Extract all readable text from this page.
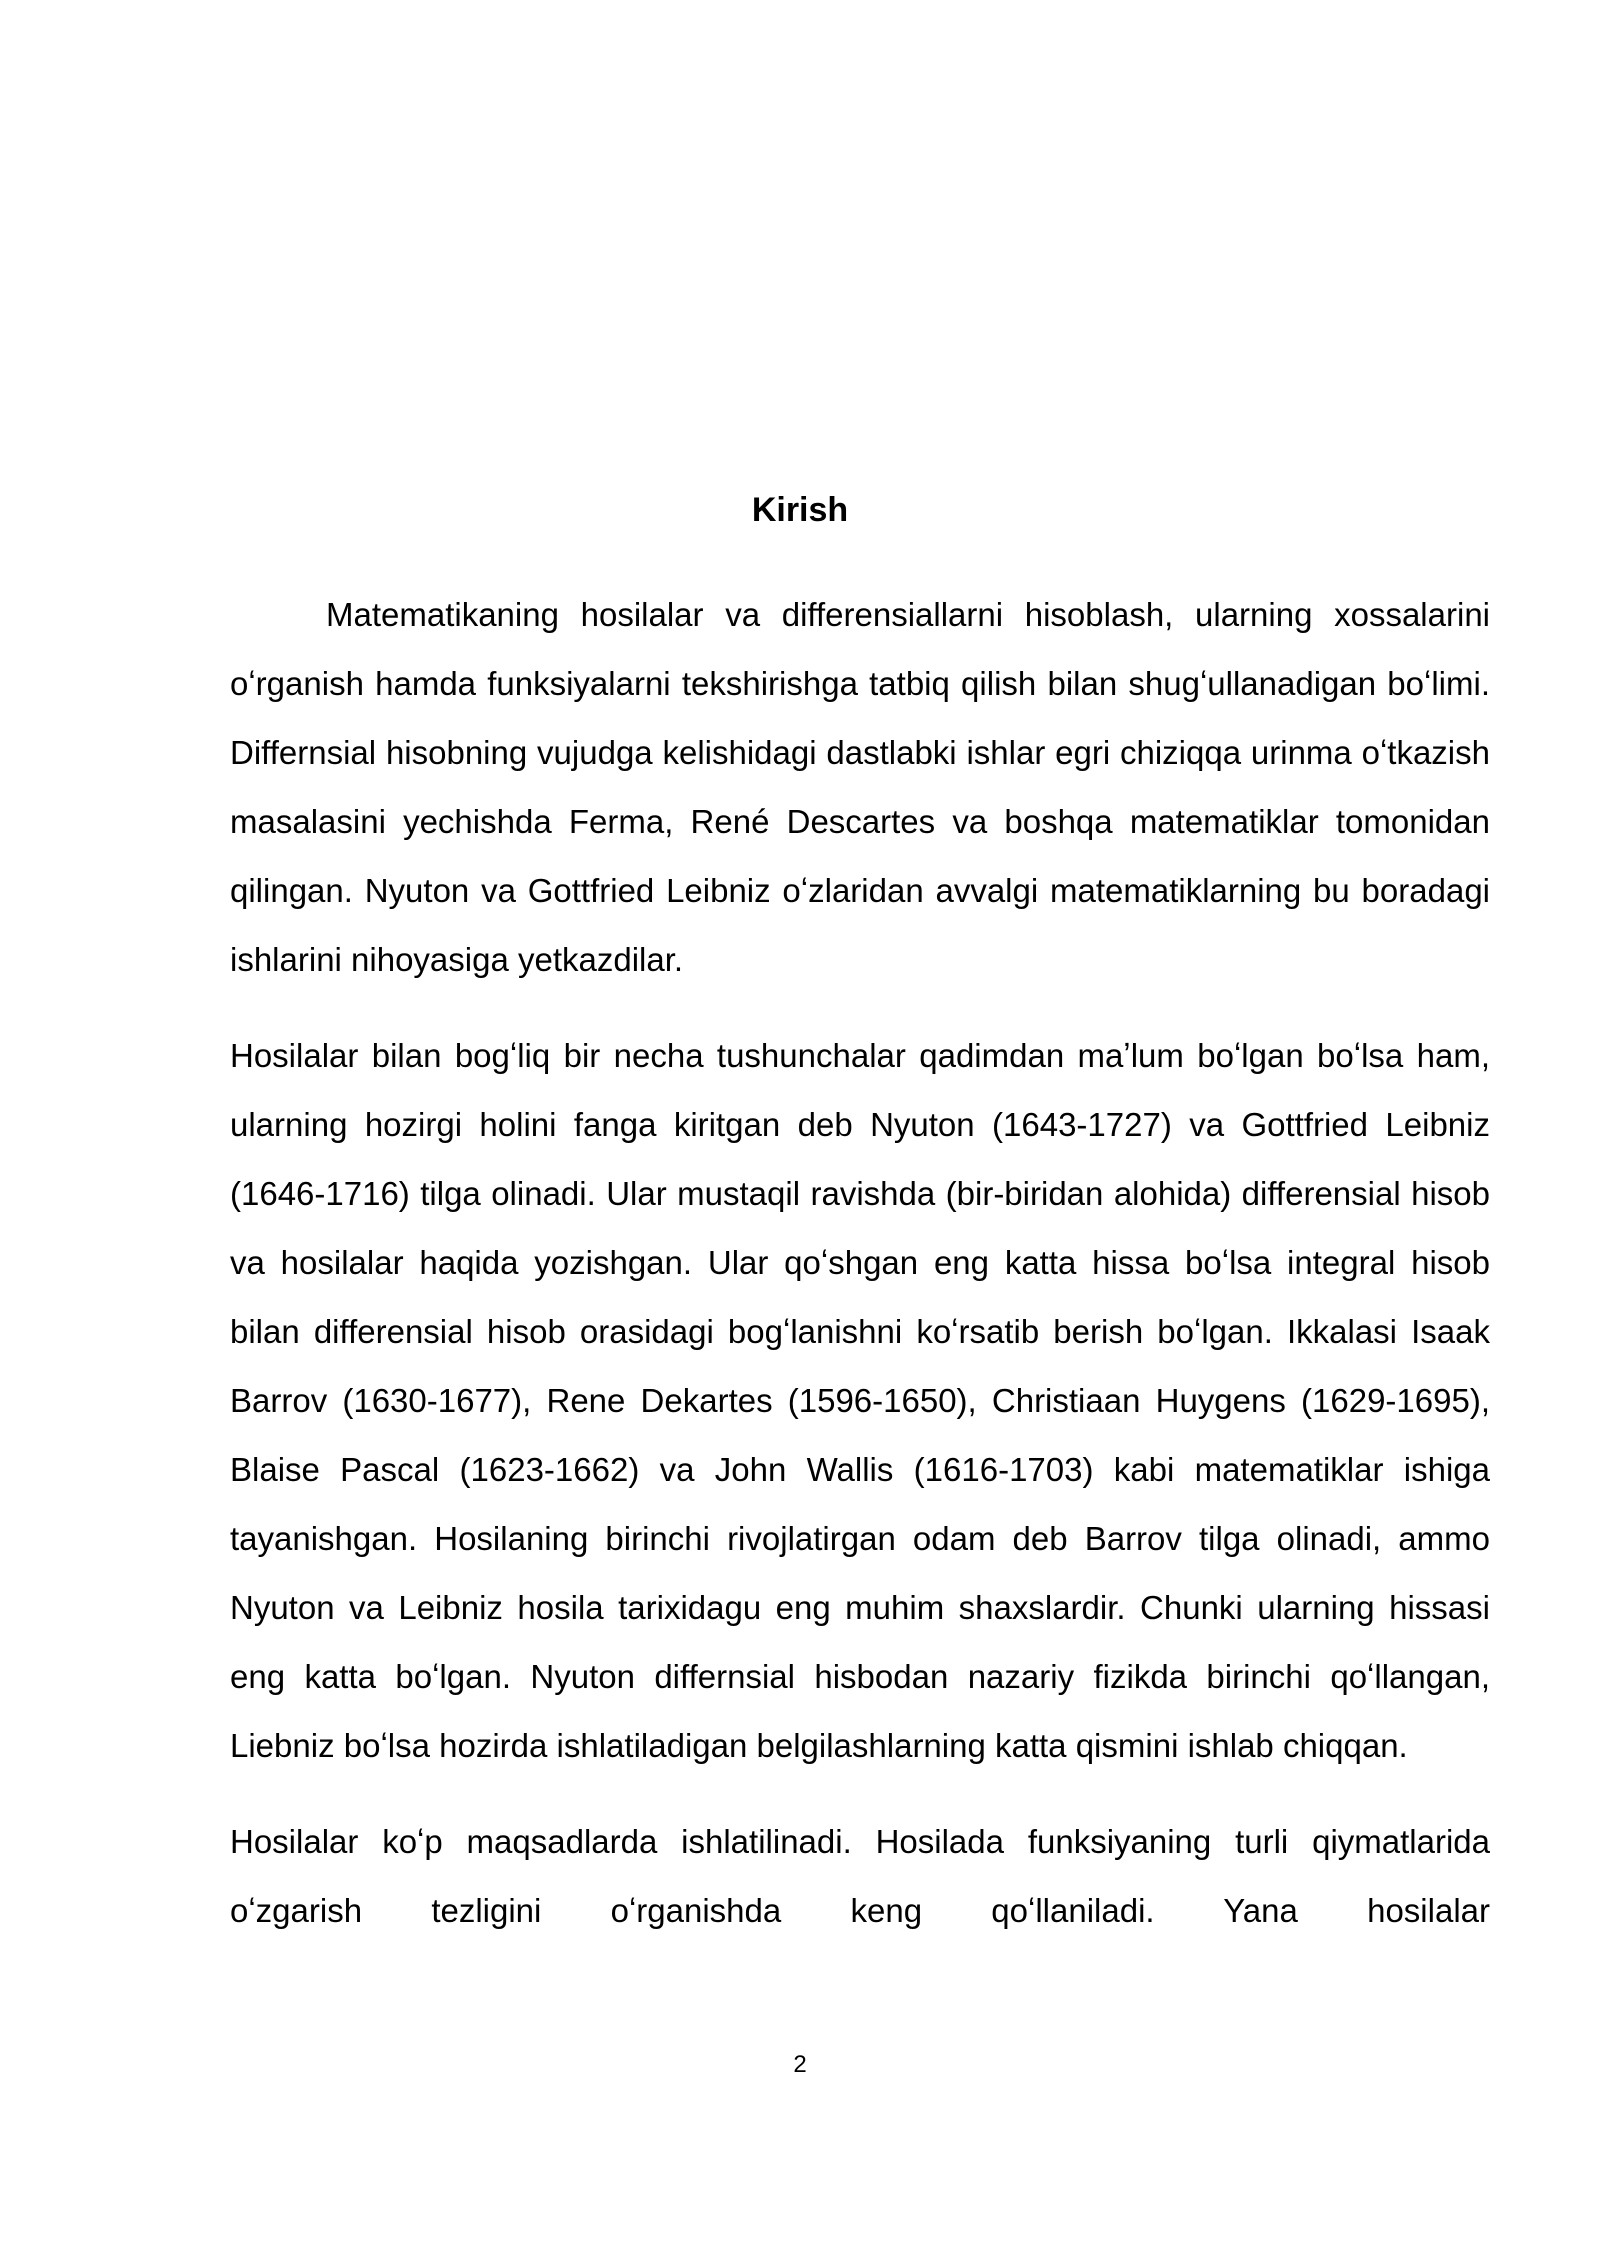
Kirish

Matematikaning hosilalar va differensiallarni hisoblash, ularning xossalarini oʻrganish hamda funksiyalarni tekshirishga tatbiq qilish bilan shugʻullanadigan boʻlimi. Differnsial hisobning vujudga kelishidagi dastlabki ishlar egri chiziqqa urinma oʻtkazish masalasini yechishda Ferma, René Descartes va boshqa matematiklar tomonidan qilingan. Nyuton va Gottfried Leibniz oʻzlaridan avvalgi matematiklarning bu boradagi ishlarini nihoyasiga yetkazdilar.

Hosilalar bilan bogʻliq bir necha tushunchalar qadimdan maʼlum boʻlgan boʻlsa ham, ularning hozirgi holini fanga kiritgan deb Nyuton (1643-1727) va Gottfried Leibniz (1646-1716) tilga olinadi. Ular mustaqil ravishda (bir-biridan alohida) differensial hisob va hosilalar haqida yozishgan. Ular qoʻshgan eng katta hissa boʻlsa integral hisob bilan differensial hisob orasidagi bogʻlanishni koʻrsatib berish boʻlgan. Ikkalasi Isaak Barrov (1630-1677), Rene Dekartes (1596-1650), Christiaan Huygens (1629-1695), Blaise Pascal (1623-1662) va John Wallis (1616-1703) kabi matematiklar ishiga tayanishgan. Hosilaning birinchi rivojlatirgan odam deb Barrov tilga olinadi, ammo Nyuton va Leibniz hosila tarixidagu eng muhim shaxslardir. Chunki ularning hissasi eng katta boʻlgan. Nyuton differnsial hisbodan nazariy fizikda birinchi qoʻllangan, Liebniz boʻlsa hozirda ishlatiladigan belgilashlarning katta qismini ishlab chiqqan.

Hosilalar koʻp maqsadlarda ishlatilinadi. Hosilada funksiyaning turli qiymatlarida oʻzgarish tezligini oʻrganishda keng qoʻllaniladi. Yana hosilalar

2
